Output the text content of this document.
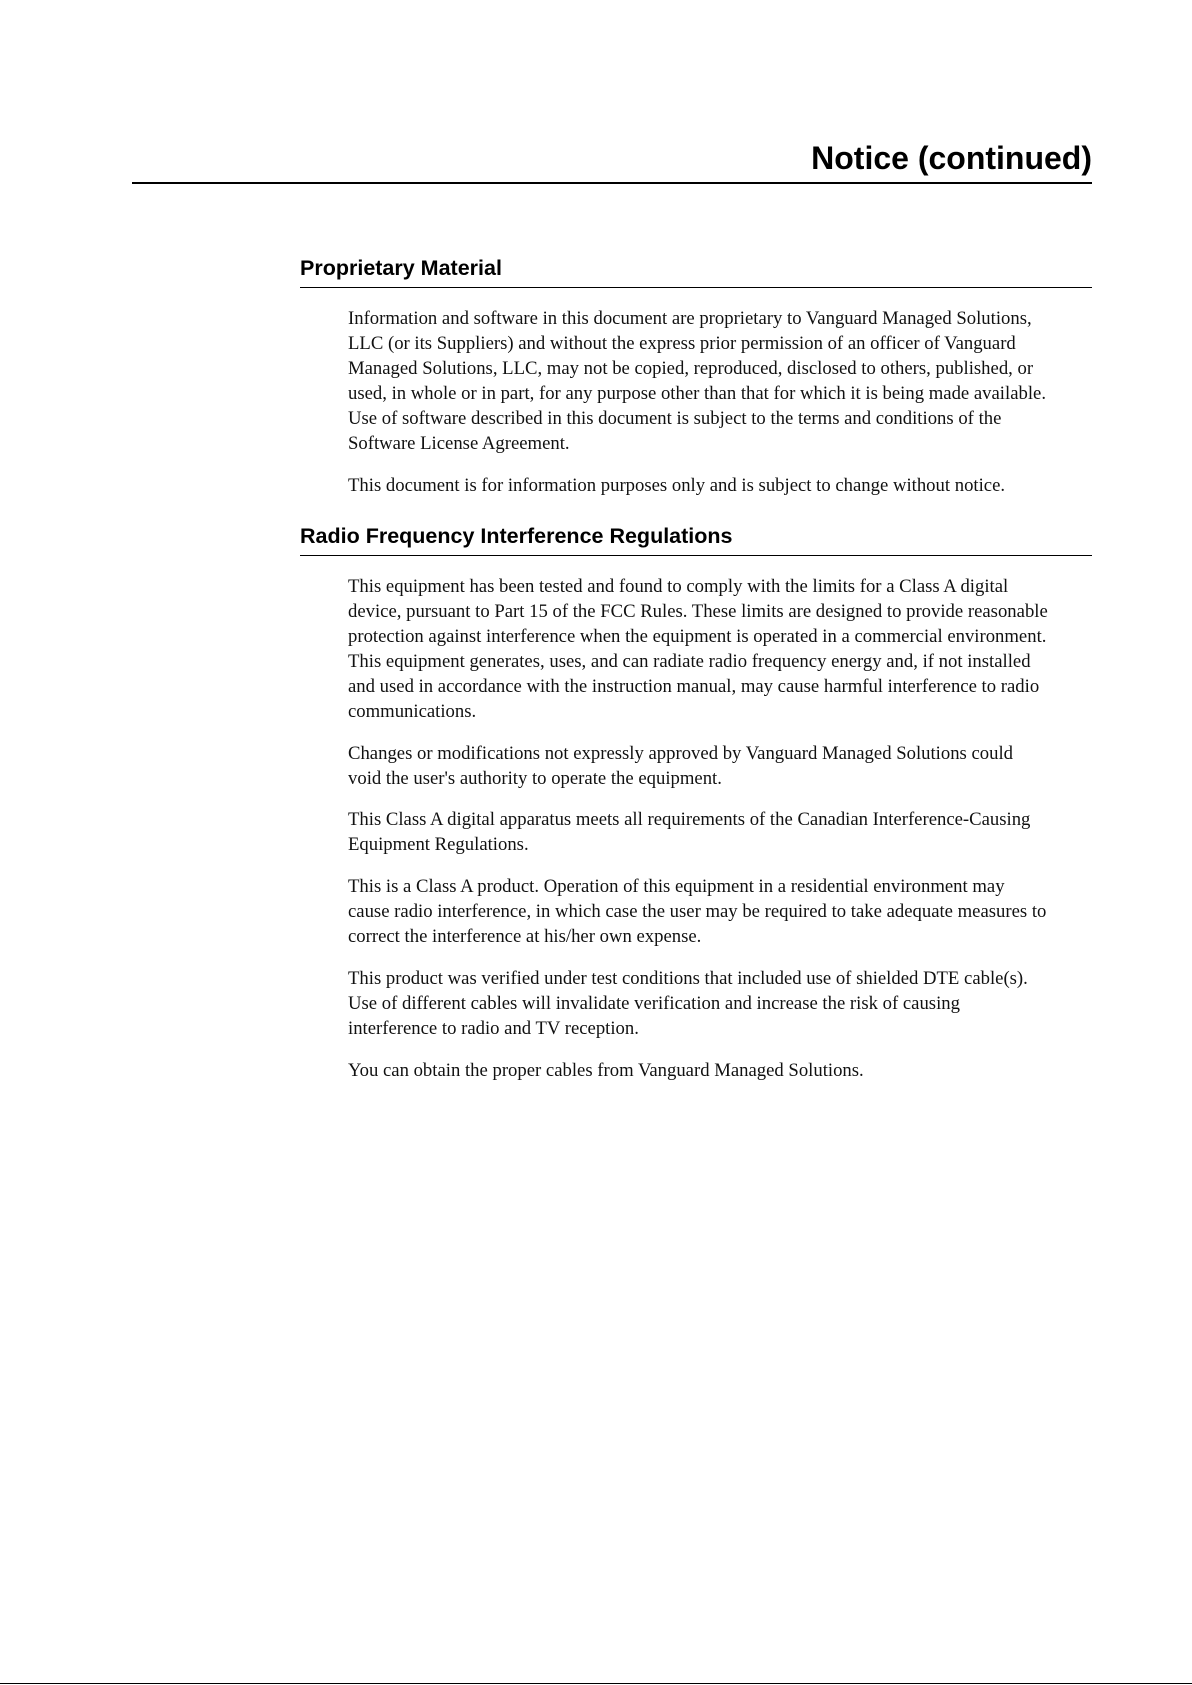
Notice (continued)
Proprietary Material

Information and software in this document are proprietary to Vanguard Managed Solutions,
LLC (or its Suppliers) and without the express prior permission of an officer of Vanguard
Managed Solutions, LLC, may not be copied, reproduced, disclosed to others, published, or
used, in whole or in part, for any purpose other than that for which it is being made available.
Use of software described in this document is subject to the terms and conditions of the
Software License Agreement.

This document is for information purposes only and is subject to change without notice.

Radio Frequency Interference Regulations

This equipment has been tested and found to comply with the limits for a Class A digital
device, pursuant to Part 15 of the FCC Rules. These limits are designed to provide reasonable
protection against interference when the equipment is operated in a commercial environment.
This equipment generates, uses, and can radiate radio frequency energy and, if not installed
and used in accordance with the instruction manual, may cause harmful interference to radio
communications.

Changes or modifications not expressly approved by Vanguard Managed Solutions could
void the user's authority to operate the equipment.

This Class A digital apparatus meets all requirements of the Canadian Interference-Causing
Equipment Regulations.

This is a Class A product. Operation of this equipment in a residential environment may
cause radio interference, in which case the user may be required to take adequate measures to
correct the interference at his/her own expense.

This product was verified under test conditions that included use of shielded DTE cable(s).
Use of different cables will invalidate verification and increase the risk of causing
interference to radio and TV reception.

You can obtain the proper cables from Vanguard Managed Solutions.
